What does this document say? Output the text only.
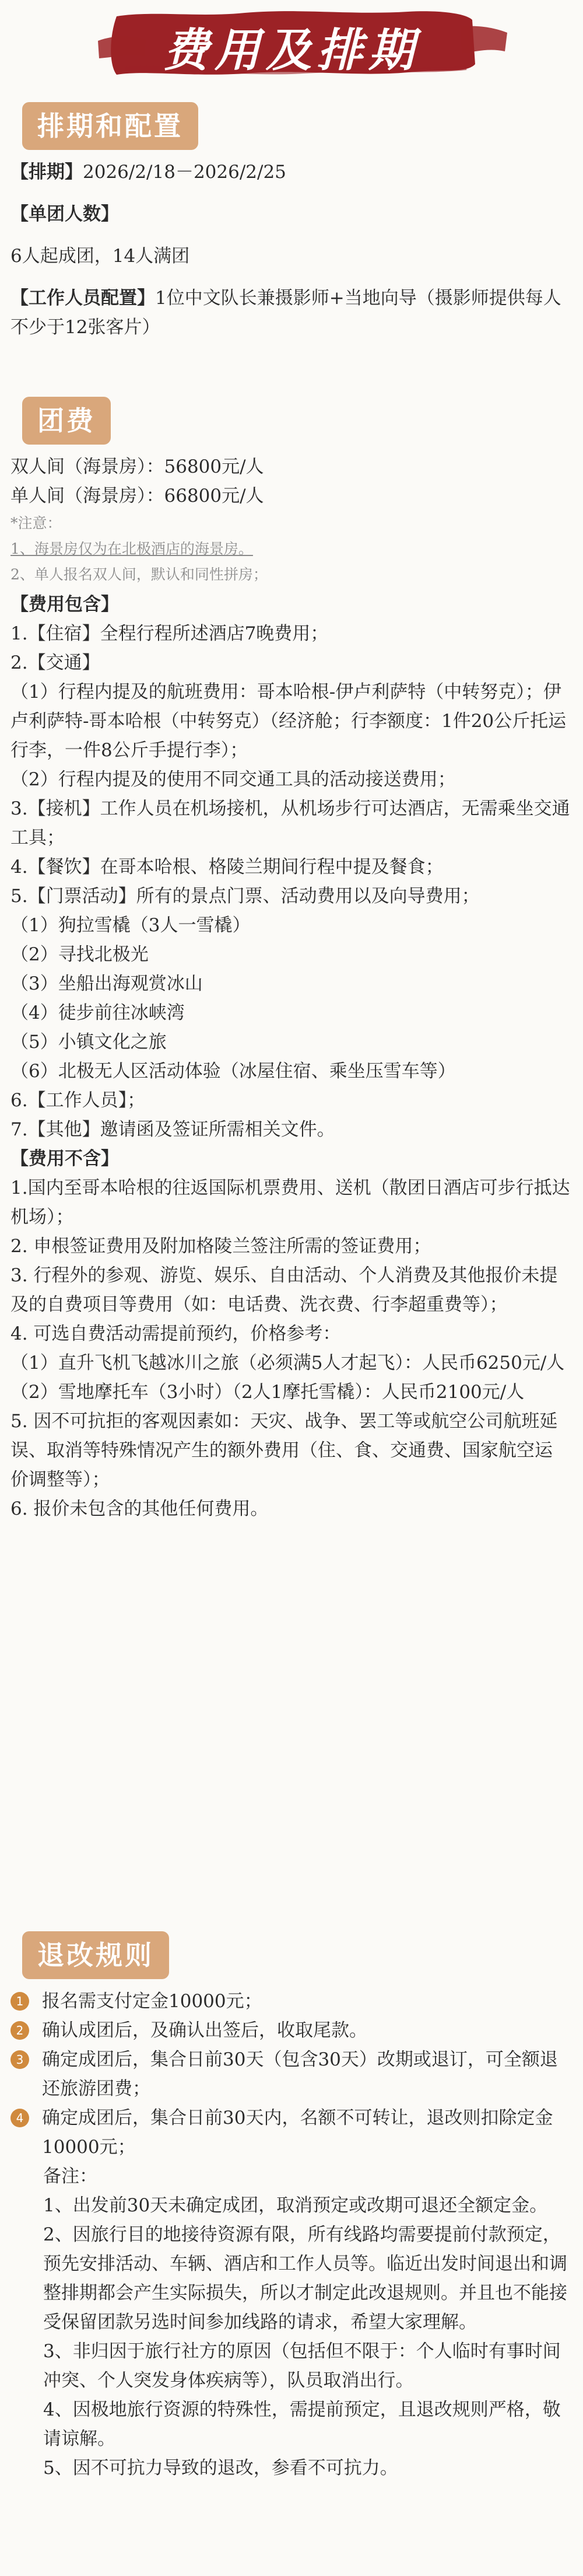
费用及排期
排期和配置

【排期】2026/2/18－2026/2/25

【单团人数】

6人起成团，14人满团

【工作人员配置】1位中文队长兼摄影师+当地向导（摄影师提供每人不少于12张客片）

团费

双人间（海景房）：56800元/人

单人间（海景房）：66800元/人

*注意：

1、海景房仅为在北极酒店的海景房。

2、单人报名双人间，默认和同性拼房；

【费用包含】

1.【住宿】全程行程所述酒店7晚费用；

2.【交通】

（1）行程内提及的航班费用：哥本哈根-伊卢利萨特（中转努克）；伊卢利萨特-哥本哈根（中转努克）（经济舱；行李额度：1件20公斤托运行李，一件8公斤手提行李）；

（2）行程内提及的使用不同交通工具的活动接送费用；

3.【接机】工作人员在机场接机，从机场步行可达酒店，无需乘坐交通工具；

4.【餐饮】在哥本哈根、格陵兰期间行程中提及餐食；

5.【门票活动】所有的景点门票、活动费用以及向导费用；

（1）狗拉雪橇（3人一雪橇）

（2）寻找北极光

（3）坐船出海观赏冰山

（4）徒步前往冰峡湾

（5）小镇文化之旅

（6）北极无人区活动体验（冰屋住宿、乘坐压雪车等）

6.【工作人员】；

7.【其他】邀请函及签证所需相关文件。

【费用不含】

1.国内至哥本哈根的往返国际机票费用、送机（散团日酒店可步行抵达机场）；

2. 申根签证费用及附加格陵兰签注所需的签证费用；

3. 行程外的参观、游览、娱乐、自由活动、个人消费及其他报价未提及的自费项目等费用（如：电话费、洗衣费、行李超重费等）；

4. 可选自费活动需提前预约，价格参考：

（1）直升飞机飞越冰川之旅（必须满5人才起飞）：人民币6250元/人

（2）雪地摩托车（3小时）（2人1摩托雪橇）：人民币2100元/人

5. 因不可抗拒的客观因素如：天灾、战争、罢工等或航空公司航班延误、取消等特殊情况产生的额外费用（住、食、交通费、国家航空运价调整等）；

6. 报价未包含的其他任何费用。

退改规则
1	报名需支付定金10000元；
2	确认成团后，及确认出签后，收取尾款。
3	确定成团后，集合日前30天（包含30天）改期或退订，可全额退还旅游团费；
4	确定成团后，集合日前30天内，名额不可转让，退改则扣除定金10000元；

备注：

1、出发前30天未确定成团，取消预定或改期可退还全额定金。

2、因旅行目的地接待资源有限，所有线路均需要提前付款预定，预先安排活动、车辆、酒店和工作人员等。临近出发时间退出和调整排期都会产生实际损失，所以才制定此改退规则。并且也不能接受保留团款另选时间参加线路的请求，希望大家理解。

3、非归因于旅行社方的原因（包括但不限于：个人临时有事时间冲突、个人突发身体疾病等），队员取消出行。

4、因极地旅行资源的特殊性，需提前预定，且退改规则严格，敬请谅解。

5、因不可抗力导致的退改，参看不可抗力。
